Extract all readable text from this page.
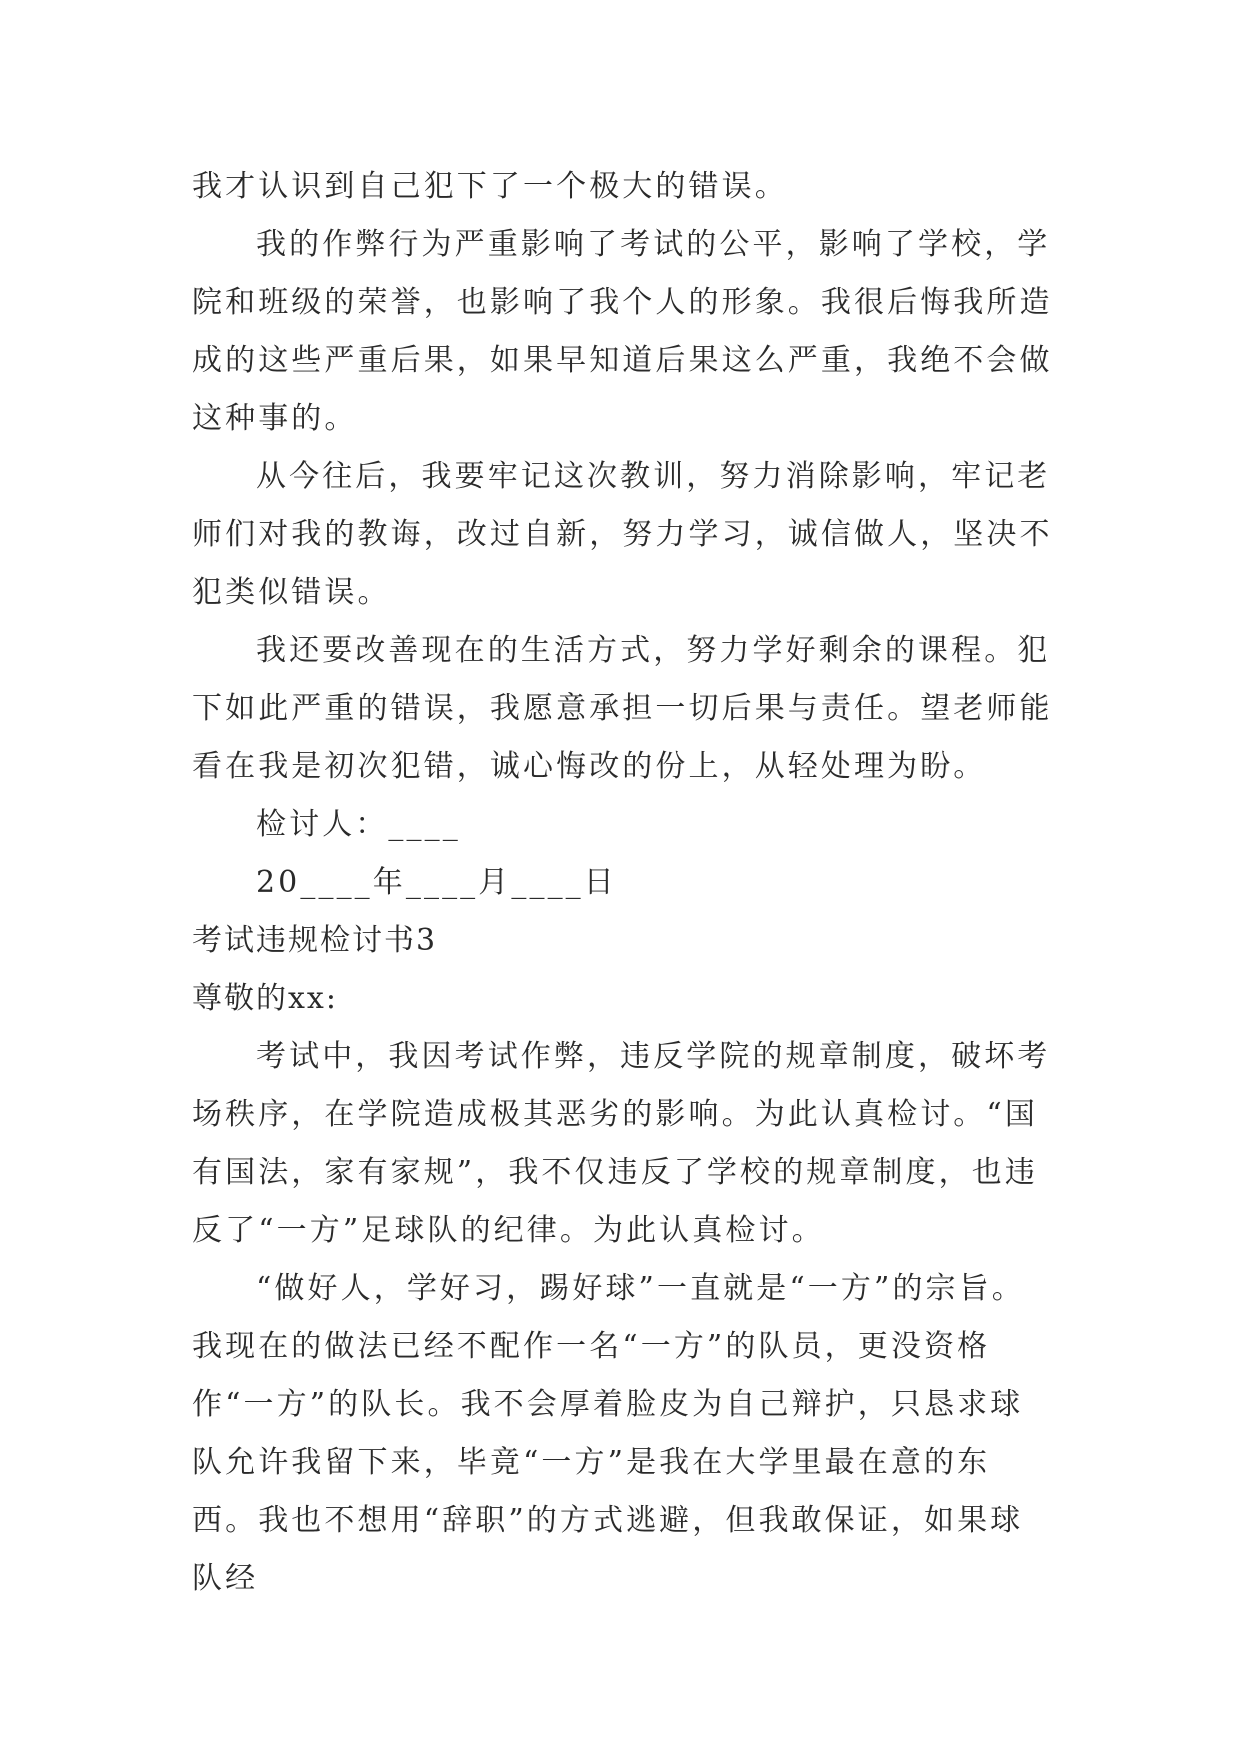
我才认识到自己犯下了一个极大的错误。

我的作弊行为严重影响了考试的公平，影响了学校，学院和班级的荣誉，也影响了我个人的形象。我很后悔我所造成的这些严重后果，如果早知道后果这么严重，我绝不会做这种事的。

从今往后，我要牢记这次教训，努力消除影响，牢记老师们对我的教诲，改过自新，努力学习，诚信做人，坚决不犯类似错误。

我还要改善现在的生活方式，努力学好剩余的课程。犯下如此严重的错误，我愿意承担一切后果与责任。望老师能看在我是初次犯错，诚心悔改的份上，从轻处理为盼。

检讨人：____

20____年____月____日

考试违规检讨书3

尊敬的xx:

考试中，我因考试作弊，违反学院的规章制度，破坏考场秩序，在学院造成极其恶劣的影响。为此认真检讨。“国有国法，家有家规”，我不仅违反了学校的规章制度，也违反了“一方”足球队的纪律。为此认真检讨。

“做好人，学好习，踢好球”一直就是“一方”的宗旨。我现在的做法已经不配作一名“一方”的队员，更没资格作“一方”的队长。我不会厚着脸皮为自己辩护，只恳求球队允许我留下来，毕竟“一方”是我在大学里最在意的东西。我也不想用“辞职”的方式逃避，但我敢保证，如果球队经
